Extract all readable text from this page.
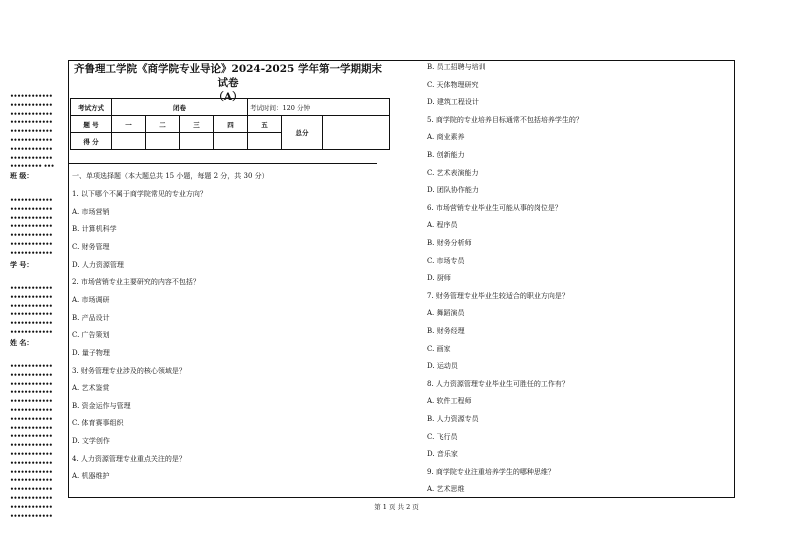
齐鲁理工学院《商学院专业导论》2024-2025 学年第一学期期末试卷
（A）
考试方式	闭卷	考试时间：120 分钟
题 号	一	二	三	四	五	总分	
得 分					
一、单项选择题（本大题总共 15 小题，每题 2 分，共 30 分）
1. 以下哪个不属于商学院常见的专业方向？
A. 市场营销
B. 计算机科学
C. 财务管理
D. 人力资源管理
2. 市场营销专业主要研究的内容不包括？
A. 市场调研
B. 产品设计
C. 广告策划
D. 量子物理
3. 财务管理专业涉及的核心领域是？
A. 艺术鉴赏
B. 资金运作与管理
C. 体育赛事组织
D. 文学创作
4. 人力资源管理专业重点关注的是？
A. 机器维护
B. 员工招聘与培训
C. 天体物理研究
D. 建筑工程设计
5. 商学院的专业培养目标通常不包括培养学生的？
A. 商业素养
B. 创新能力
C. 艺术表演能力
D. 团队协作能力
6. 市场营销专业毕业生可能从事的岗位是？
A. 程序员
B. 财务分析师
C. 市场专员
D. 厨师
7. 财务管理专业毕业生较适合的职业方向是？
A. 舞蹈演员
B. 财务经理
C. 画家
D. 运动员
8. 人力资源管理专业毕业生可胜任的工作有？
A. 软件工程师
B. 人力资源专员
C. 飞行员
D. 音乐家
9. 商学院专业注重培养学生的哪种思维？
A. 艺术思维
••••••••••••
••••••••••••
••••••••••••
••••••••••••
••••••••••••
••••••••••••
••••••••••••
••••••••••••
••••••••• •••
••••••••••••
••••••••••••
••••••••••••
••••••••••••
••••••••••••
••••••••••••
••••••••••••
••••••••••••
••••••••••••
••••••••••••
••••••••••••
••••••••••••
••••••••••••
••••••••••••
••••••••••••
••••••••••••
••••••••••••
••••••••••••
••••••••••••
••••••••••••
••••••••••••
••••••••••••
••••••••••••
••••••••••••
••••••••••••
••••••••••••
••••••••••••
••••••••••••
••••••••••••
••••••••••••
••••••••••••
班 级：
学 号：
姓 名：
第 1 页 共 2 页
